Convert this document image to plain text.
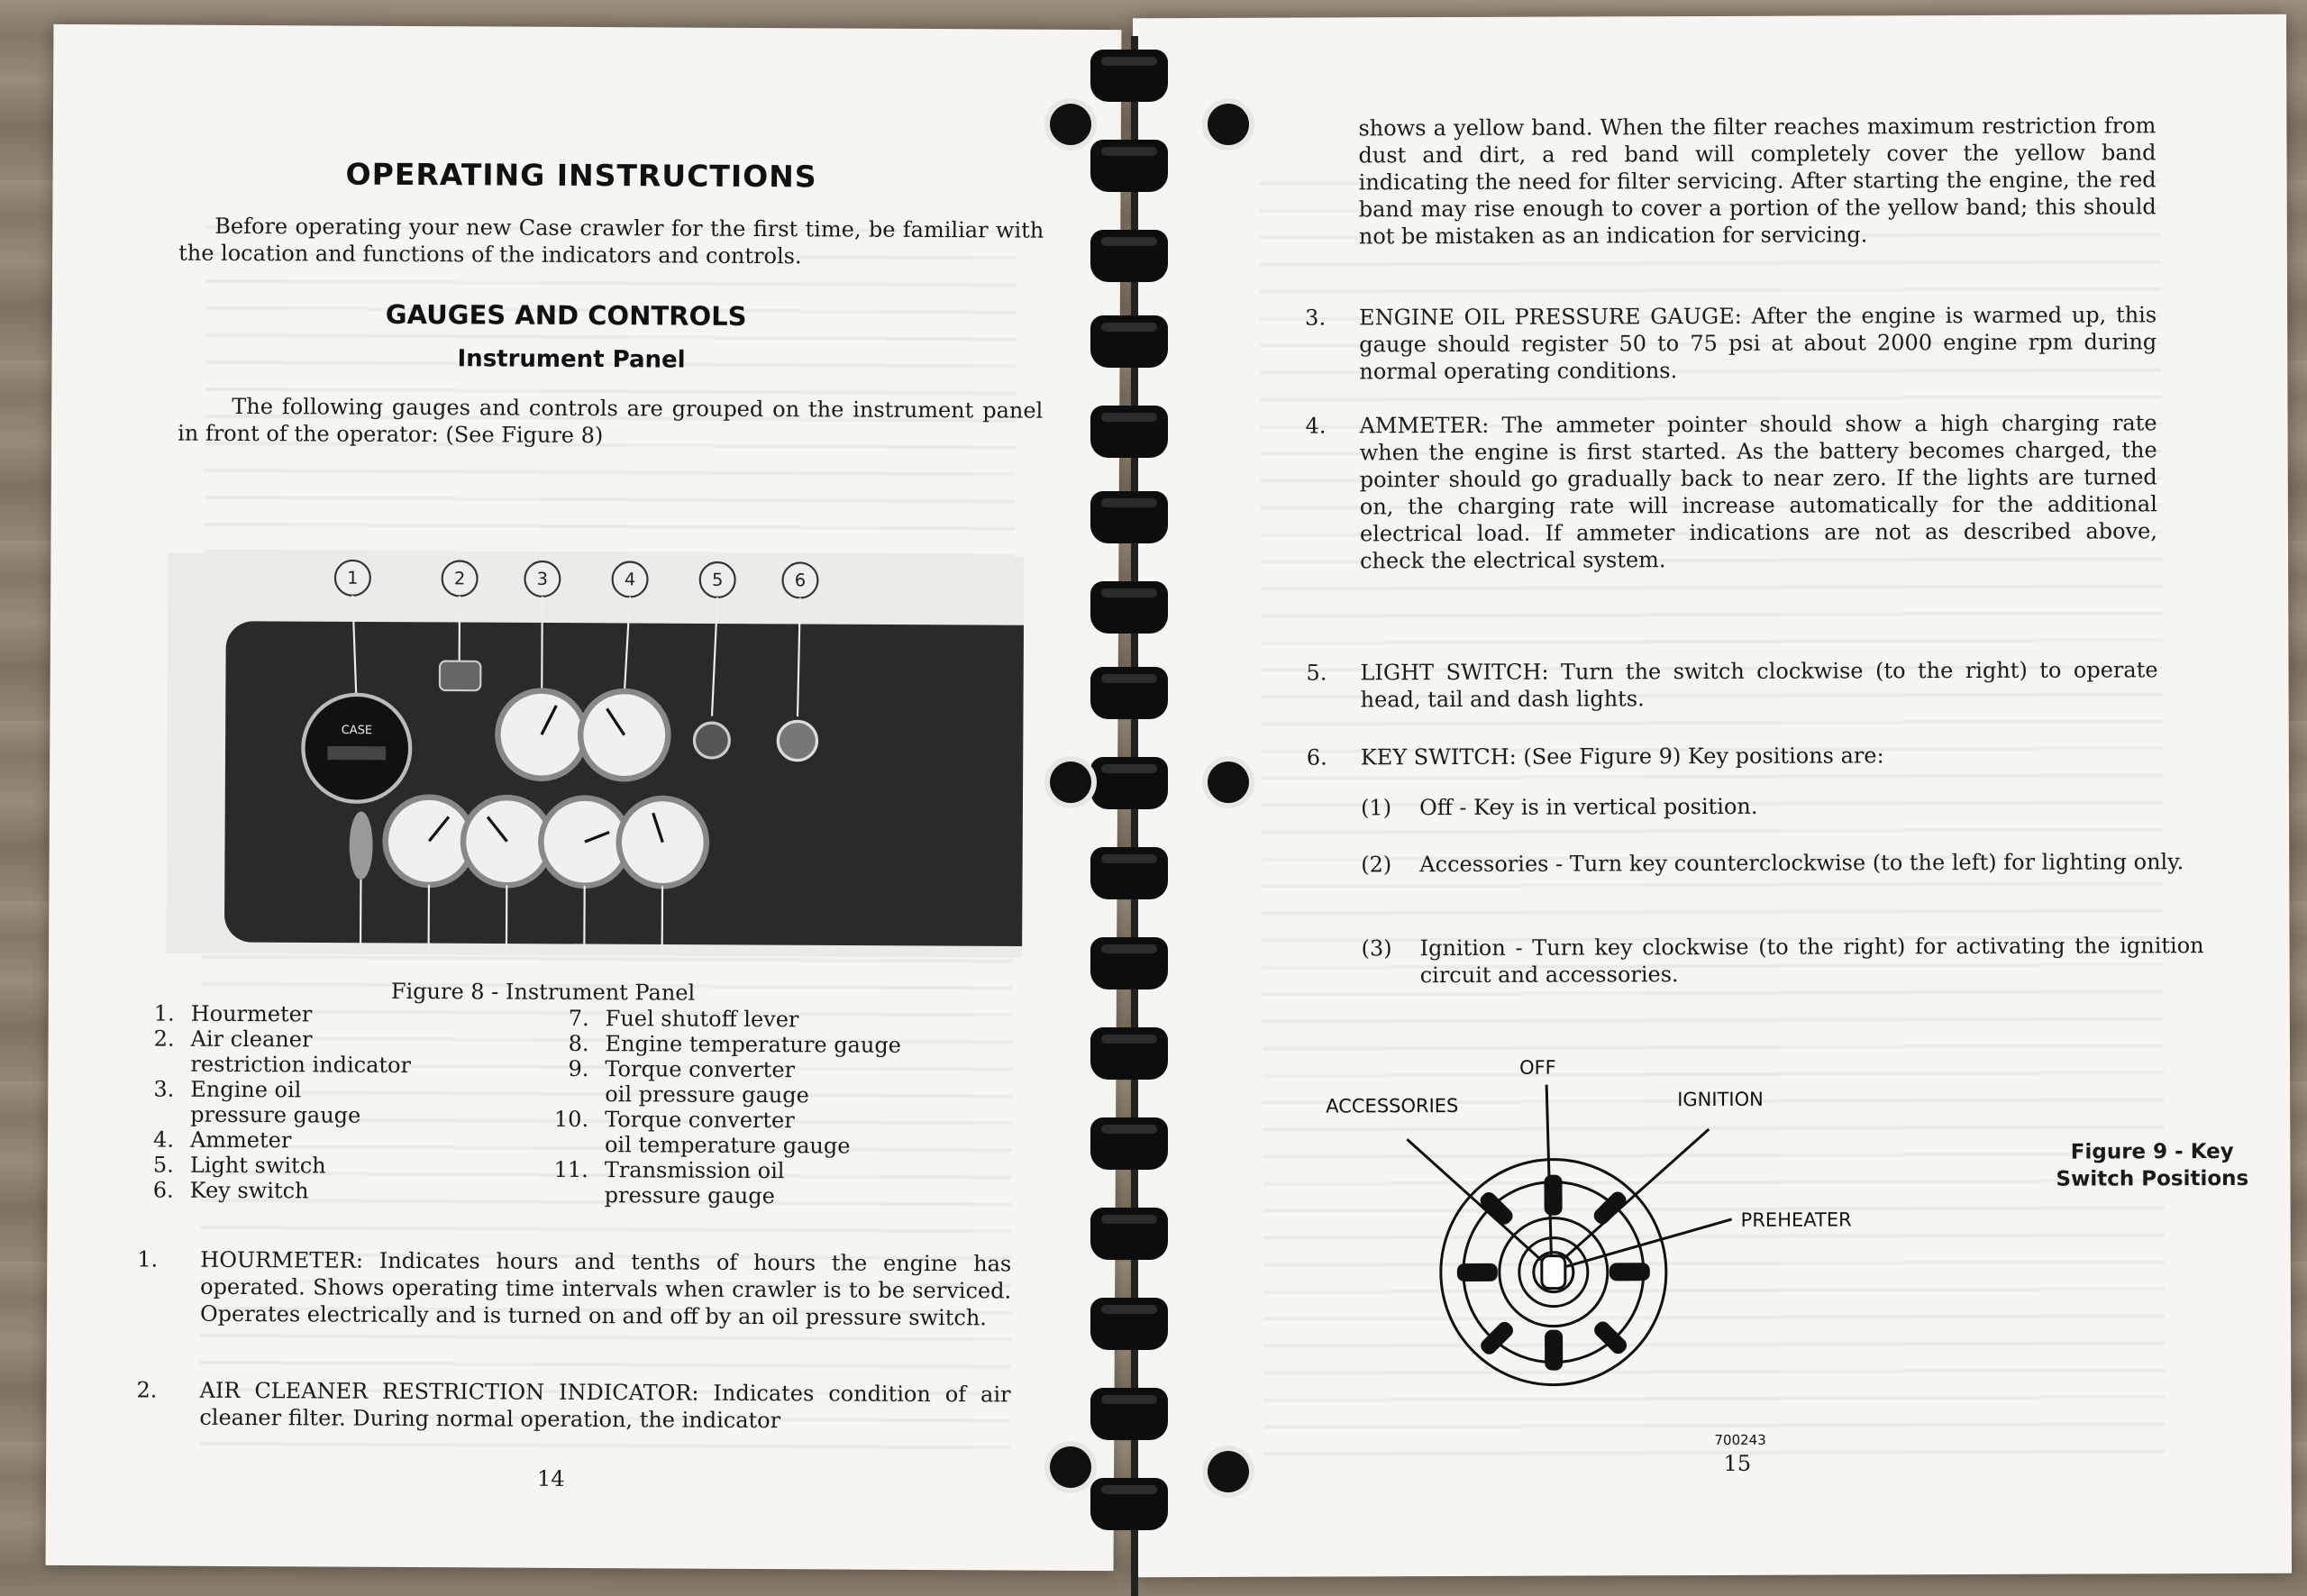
OPERATING INSTRUCTIONS
Before operating your new Case crawler for the first time, be familiar with the location and functions of the indicators and controls.
GAUGES AND CONTROLS
Instrument Panel
The following gauges and controls are grouped on the instrument panel in front of the operator: (See Figure 8)
1	2	3	4	5	6
CASE
Figure 8 - Instrument Panel
1. Hourmeter
2. Air cleaner
restriction indicator
3. Engine oil
pressure gauge
4. Ammeter
5. Light switch
6. Key switch
7. Fuel shutoff lever
8. Engine temperature gauge
9. Torque converter
oil pressure gauge
10. Torque converter
oil temperature gauge
11. Transmission oil
pressure gauge
1. HOURMETER: Indicates hours and tenths of hours the engine has operated. Shows operating time intervals when crawler is to be serviced. Operates electrically and is turned on and off by an oil pressure switch.
2. AIR CLEANER RESTRICTION INDICATOR: Indicates condition of air cleaner filter. During normal operation, the indicator
14
shows a yellow band. When the filter reaches maximum restriction from dust and dirt, a red band will completely cover the yellow band indicating the need for filter servicing. After starting the engine, the red band may rise enough to cover a portion of the yellow band; this should not be mistaken as an indication for servicing.
3. ENGINE OIL PRESSURE GAUGE: After the engine is warmed up, this gauge should register 50 to 75 psi at about 2000 engine rpm during normal operating conditions.
4. AMMETER: The ammeter pointer should show a high charging rate when the engine is first started. As the battery becomes charged, the pointer should go gradually back to near zero. If the lights are turned on, the charging rate will increase automatically for the additional electrical load. If ammeter indications are not as described above, check the electrical system.
5. LIGHT SWITCH: Turn the switch clockwise (to the right) to operate head, tail and dash lights.
6. KEY SWITCH: (See Figure 9) Key positions are:
(1) Off - Key is in vertical position.
(2) Accessories - Turn key counterclockwise (to the left) for lighting only.
(3) Ignition - Turn key clockwise (to the right) for activating the ignition circuit and accessories.
OFF
ACCESSORIES	IGNITION
PREHEATER
700243
Figure 9 - Key
Switch Positions
15
